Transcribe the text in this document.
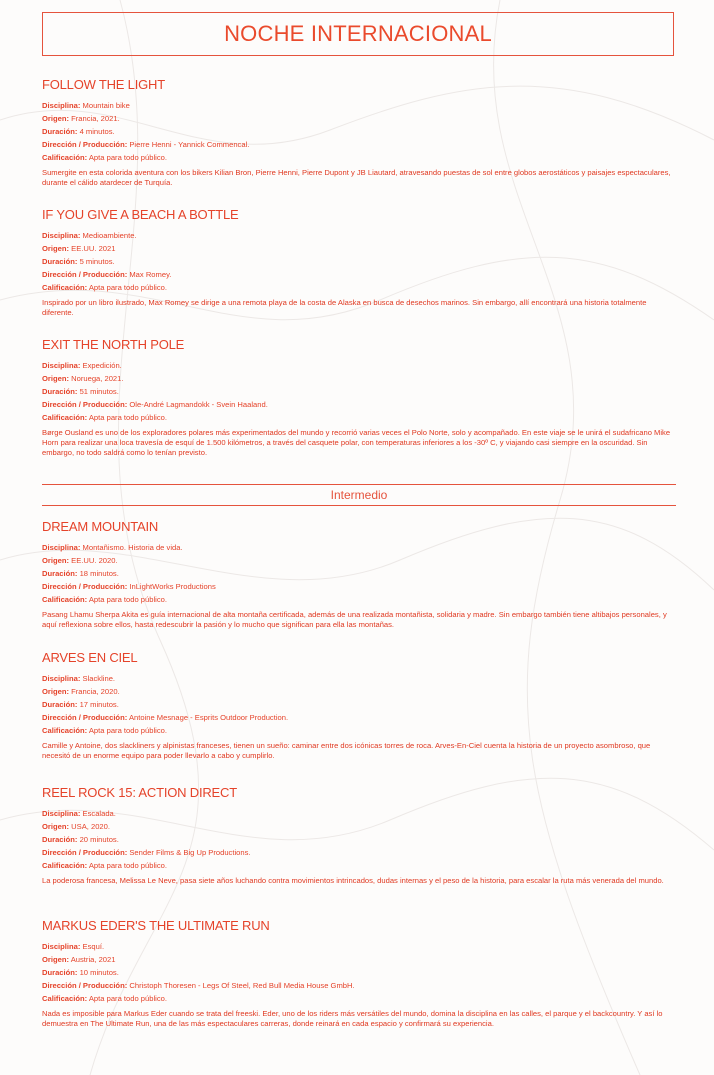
NOCHE INTERNACIONAL
FOLLOW THE LIGHT
Disciplina: Mountain bike
Origen: Francia, 2021.
Duración: 4 minutos.
Dirección / Producción: Pierre Henni - Yannick Commencal.
Calificación: Apta para todo público.
Sumergite en esta colorida aventura con los bikers Kilian Bron, Pierre Henni, Pierre Dupont y JB Liautard, atravesando puestas de sol entre globos aerostáticos y paisajes espectaculares, durante el cálido atardecer de Turquía.
IF YOU GIVE A BEACH A BOTTLE
Disciplina: Medioambiente.
Origen: EE.UU. 2021
Duración: 5 minutos.
Dirección / Producción: Max Romey.
Calificación: Apta para todo público.
Inspirado por un libro ilustrado, Max Romey se dirige a una remota playa de la costa de Alaska en busca de desechos marinos. Sin embargo, allí encontrará una historia totalmente diferente.
EXIT THE NORTH POLE
Disciplina: Expedición.
Origen: Noruega, 2021.
Duración: 51 minutos.
Dirección / Producción: Ole-André Lagmandokk - Svein Haaland.
Calificación: Apta para todo público.
Børge Ousland es uno de los exploradores polares más experimentados del mundo y recorrió varias veces el Polo Norte, solo y acompañado. En este viaje se le unirá el sudafricano Mike Horn para realizar una loca travesía de esquí de 1.500 kilómetros, a través del casquete polar, con temperaturas inferiores a los -30º C, y viajando casi siempre en la oscuridad. Sin embargo, no todo saldrá como lo tenían previsto.
DREAM MOUNTAIN
Disciplina: Montañismo. Historia de vida.
Origen: EE.UU. 2020.
Duración: 18 minutos.
Dirección / Producción: InLightWorks Productions
Calificación: Apta para todo público.
Pasang Lhamu Sherpa Akita es guía internacional de alta montaña certificada, además de una realizada montañista, solidaria y madre. Sin embargo también tiene altibajos personales, y aquí reflexiona sobre ellos, hasta redescubrir la pasión y lo mucho que significan para ella las montañas.
ARVES EN CIEL
Disciplina: Slackline.
Origen: Francia, 2020.
Duración: 17 minutos.
Dirección / Producción: Antoine Mesnage - Esprits Outdoor Production.
Calificación: Apta para todo público.
Camille y Antoine, dos slackliners y alpinistas franceses, tienen un sueño: caminar entre dos icónicas torres de roca. Arves-En-Ciel cuenta la historia de un proyecto asombroso, que necesitó de un enorme equipo para poder llevarlo a cabo y cumplirlo.
REEL ROCK 15: ACTION DIRECT
Disciplina: Escalada.
Origen: USA, 2020.
Duración: 20 minutos.
Dirección / Producción: Sender Films & Big Up Productions.
Calificación: Apta para todo público.
La poderosa francesa, Melissa Le Neve, pasa siete años luchando contra movimientos intrincados, dudas internas y el peso de la historia, para escalar la ruta más venerada del mundo.
MARKUS EDER'S THE ULTIMATE RUN
Disciplina: Esquí.
Origen: Austria, 2021
Duración: 10 minutos.
Dirección / Producción: Christoph Thoresen - Legs Of Steel, Red Bull Media House GmbH.
Calificación: Apta para todo público.
Nada es imposible para Markus Eder cuando se trata del freeski. Eder, uno de los riders más versátiles del mundo, domina la disciplina en las calles, el parque y el backcountry. Y así lo demuestra en The Ultimate Run, una de las más espectaculares carreras, donde reinará en cada espacio y confirmará su experiencia.
Intermedio
